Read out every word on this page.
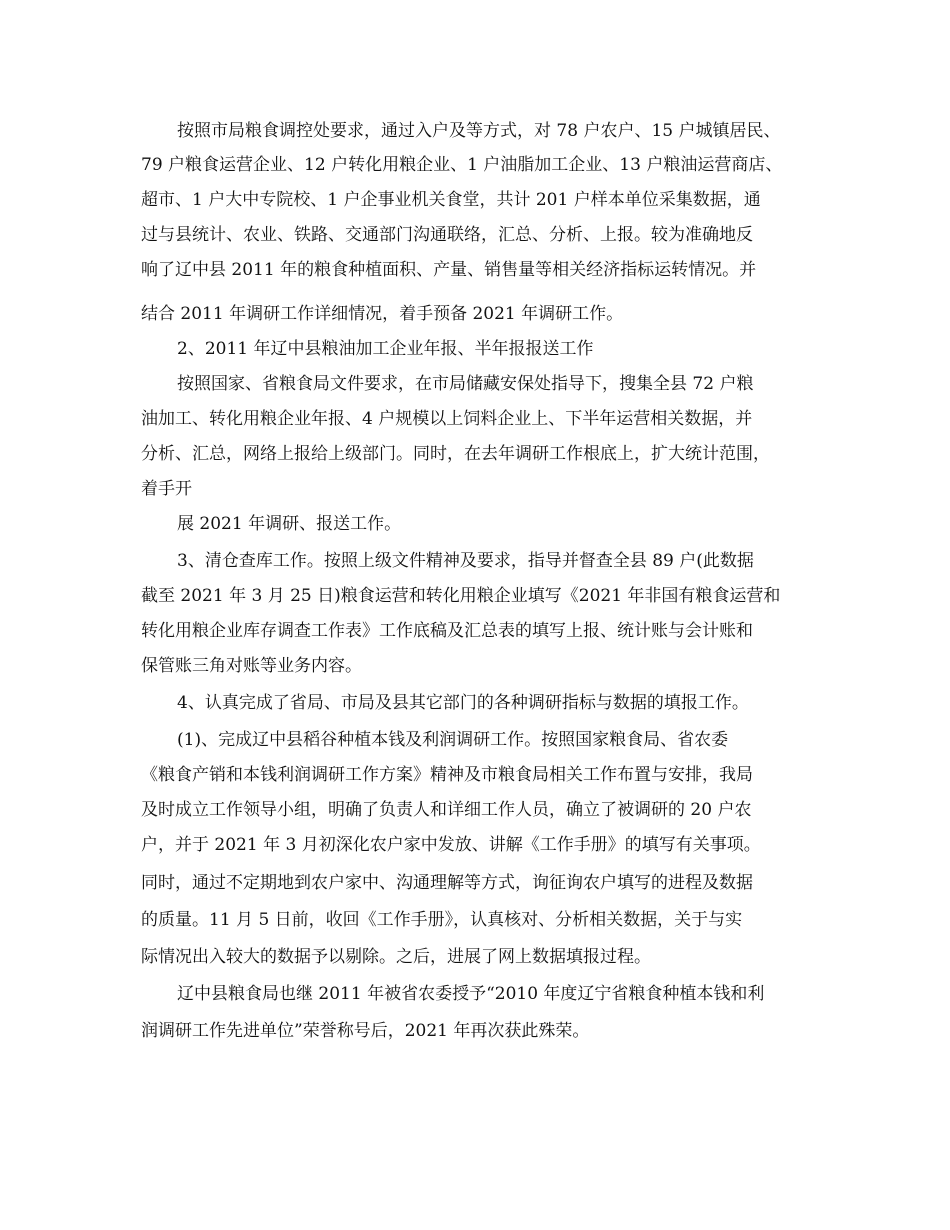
按照市局粮食调控处要求，通过入户及等方式，对 78 户农户、15 户城镇居民、
79 户粮食运营企业、12 户转化用粮企业、1 户油脂加工企业、13 户粮油运营商店、
超市、1 户大中专院校、1 户企事业机关食堂，共计 201 户样本单位采集数据，通
过与县统计、农业、铁路、交通部门沟通联络，汇总、分析、上报。较为准确地反
响了辽中县 2011 年的粮食种植面积、产量、销售量等相关经济指标运转情况。并
结合 2011 年调研工作详细情况，着手预备 2021 年调研工作。
2、2011 年辽中县粮油加工企业年报、半年报报送工作
按照国家、省粮食局文件要求，在市局储藏安保处指导下，搜集全县 72 户粮
油加工、转化用粮企业年报、4 户规模以上饲料企业上、下半年运营相关数据，并
分析、汇总，网络上报给上级部门。同时，在去年调研工作根底上，扩大统计范围，
着手开
展 2021 年调研、报送工作。
3、清仓查库工作。按照上级文件精神及要求，指导并督查全县 89 户(此数据
截至 2021 年 3 月 25 日)粮食运营和转化用粮企业填写《2021 年非国有粮食运营和
转化用粮企业库存调查工作表》工作底稿及汇总表的填写上报、统计账与会计账和
保管账三角对账等业务内容。
4、认真完成了省局、市局及县其它部门的各种调研指标与数据的填报工作。
(1)、完成辽中县稻谷种植本钱及利润调研工作。按照国家粮食局、省农委
《粮食产销和本钱利润调研工作方案》精神及市粮食局相关工作布置与安排，我局
及时成立工作领导小组，明确了负责人和详细工作人员，确立了被调研的 20 户农
户，并于 2021 年 3 月初深化农户家中发放、讲解《工作手册》的填写有关事项。
同时，通过不定期地到农户家中、沟通理解等方式，询征询农户填写的进程及数据
的质量。11 月 5 日前，收回《工作手册》，认真核对、分析相关数据，关于与实
际情况出入较大的数据予以剔除。之后，进展了网上数据填报过程。
辽中县粮食局也继 2011 年被省农委授予“2010 年度辽宁省粮食种植本钱和利
润调研工作先进单位”荣誉称号后，2021 年再次获此殊荣。
